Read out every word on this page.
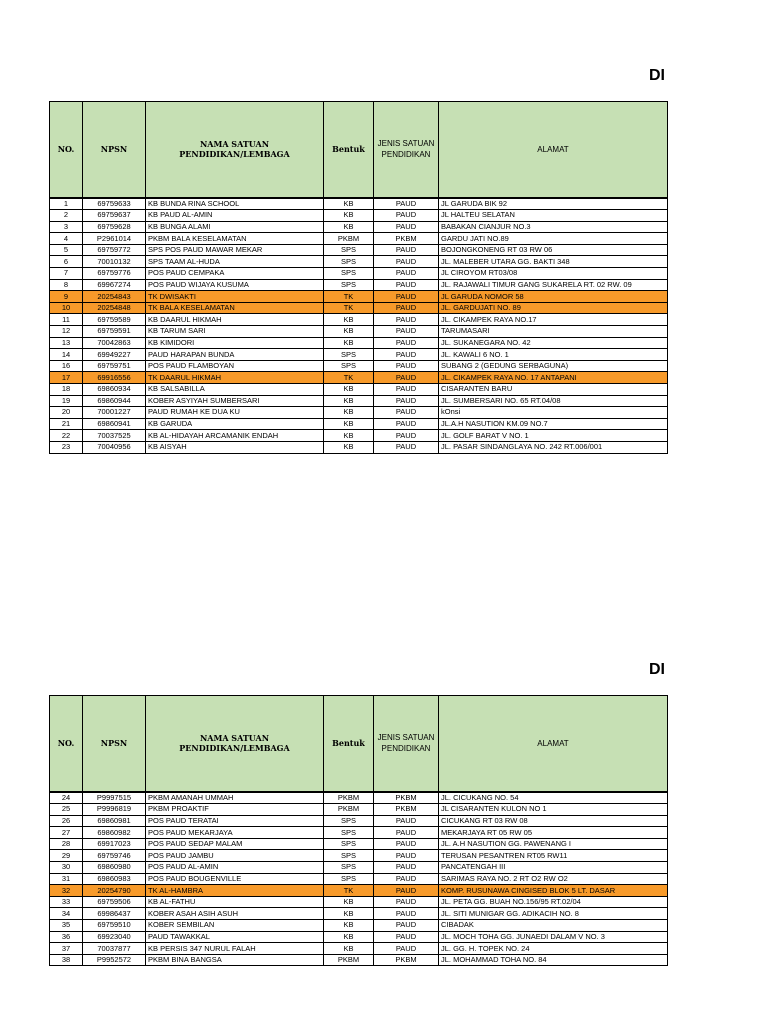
DI
NO.	NPSN	NAMA SATUAN PENDIDIKAN/LEMBAGA	Bentuk	JENIS SATUAN PENDIDIKAN	ALAMAT
1	69759633	KB BUNDA RINA SCHOOL	KB	PAUD	JL GARUDA BIK 92
2	69759637	KB PAUD AL-AMIN	KB	PAUD	JL HALTEU SELATAN
3	69759628	KB BUNGA ALAMI	KB	PAUD	BABAKAN CIANJUR NO.3
4	P2961014	PKBM BALA KESELAMATAN	PKBM	PKBM	GARDU JATI NO.89
5	69759772	SPS POS PAUD MAWAR MEKAR	SPS	PAUD	BOJONGKONENG RT 03 RW 06
6	70010132	SPS TAAM AL-HUDA	SPS	PAUD	JL. MALEBER UTARA GG. BAKTI 348
7	69759776	POS PAUD CEMPAKA	SPS	PAUD	JL CIROYOM RT03/08
8	69967274	POS PAUD WIJAYA KUSUMA	SPS	PAUD	JL. RAJAWALI TIMUR GANG SUKARELA RT. 02 RW. 09
9	20254843	TK DWISAKTI	TK	PAUD	JL GARUDA NOMOR 58
10	20254848	TK BALA KESELAMATAN	TK	PAUD	JL. GARDUJATI NO. 89
11	69759589	KB DAARUL HIKMAH	KB	PAUD	JL. CIKAMPEK RAYA NO.17
12	69759591	KB TARUM SARI	KB	PAUD	TARUMASARI
13	70042863	KB KIMIDORI	KB	PAUD	JL. SUKANEGARA NO. 42
14	69949227	PAUD HARAPAN BUNDA	SPS	PAUD	JL. KAWALI 6 NO. 1
16	69759751	POS PAUD FLAMBOYAN	SPS	PAUD	SUBANG 2 (GEDUNG SERBAGUNA)
17	69916556	TK DAARUL HIKMAH	TK	PAUD	JL. CIKAMPEK RAYA NO. 17 ANTAPANI
18	69860934	KB SALSABILLA	KB	PAUD	CISARANTEN BARU
19	69860944	KOBER ASYIYAH SUMBERSARI	KB	PAUD	JL. SUMBERSARI NO. 65 RT.04/08
20	70001227	PAUD RUMAH KE DUA KU	KB	PAUD	kOnsi
21	69860941	KB GARUDA	KB	PAUD	JL.A.H NASUTION KM.09 NO.7
22	70037525	KB AL-HIDAYAH ARCAMANIK ENDAH	KB	PAUD	JL. GOLF BARAT V NO. 1
23	70040956	KB AISYAH	KB	PAUD	JL. PASAR SINDANGLAYA NO. 242 RT.006/001
DI
NO.	NPSN	NAMA SATUAN PENDIDIKAN/LEMBAGA	Bentuk	JENIS SATUAN PENDIDIKAN	ALAMAT
24	P9997515	PKBM AMANAH UMMAH	PKBM	PKBM	JL. CICUKANG NO. 54
25	P9996819	PKBM PROAKTIF	PKBM	PKBM	JL CISARANTEN KULON NO 1
26	69860981	POS PAUD TERATAI	SPS	PAUD	CICUKANG RT 03 RW 08
27	69860982	POS PAUD MEKARJAYA	SPS	PAUD	MEKARJAYA RT 05 RW 05
28	69917023	POS PAUD SEDAP MALAM	SPS	PAUD	JL. A.H NASUTION GG. PAWENANG I
29	69759746	POS PAUD JAMBU	SPS	PAUD	TERUSAN PESANTREN RT05 RW11
30	69860980	POS PAUD AL-AMIN	SPS	PAUD	PANCATENGAH III
31	69860983	POS PAUD BOUGENVILLE	SPS	PAUD	SARIMAS RAYA NO. 2 RT O2 RW O2
32	20254790	TK AL-HAMBRA	TK	PAUD	KOMP. RUSUNAWA CINGISED BLOK 5 LT. DASAR
33	69759506	KB AL-FATHU	KB	PAUD	JL. PETA GG. BUAH NO.156/95 RT.02/04
34	69986437	KOBER ASAH ASIH ASUH	KB	PAUD	JL. SITI MUNIGAR GG. ADIKACIH NO. 8
35	69759510	KOBER SEMBILAN	KB	PAUD	CIBADAK
36	69923040	PAUD TAWAKKAL	KB	PAUD	JL. MOCH TOHA GG. JUNAEDI DALAM V NO. 3
37	70037877	KB PERSIS 347 NURUL FALAH	KB	PAUD	JL. GG. H. TOPEK NO. 24
38	P9952572	PKBM BINA BANGSA	PKBM	PKBM	JL. MOHAMMAD TOHA NO. 84
